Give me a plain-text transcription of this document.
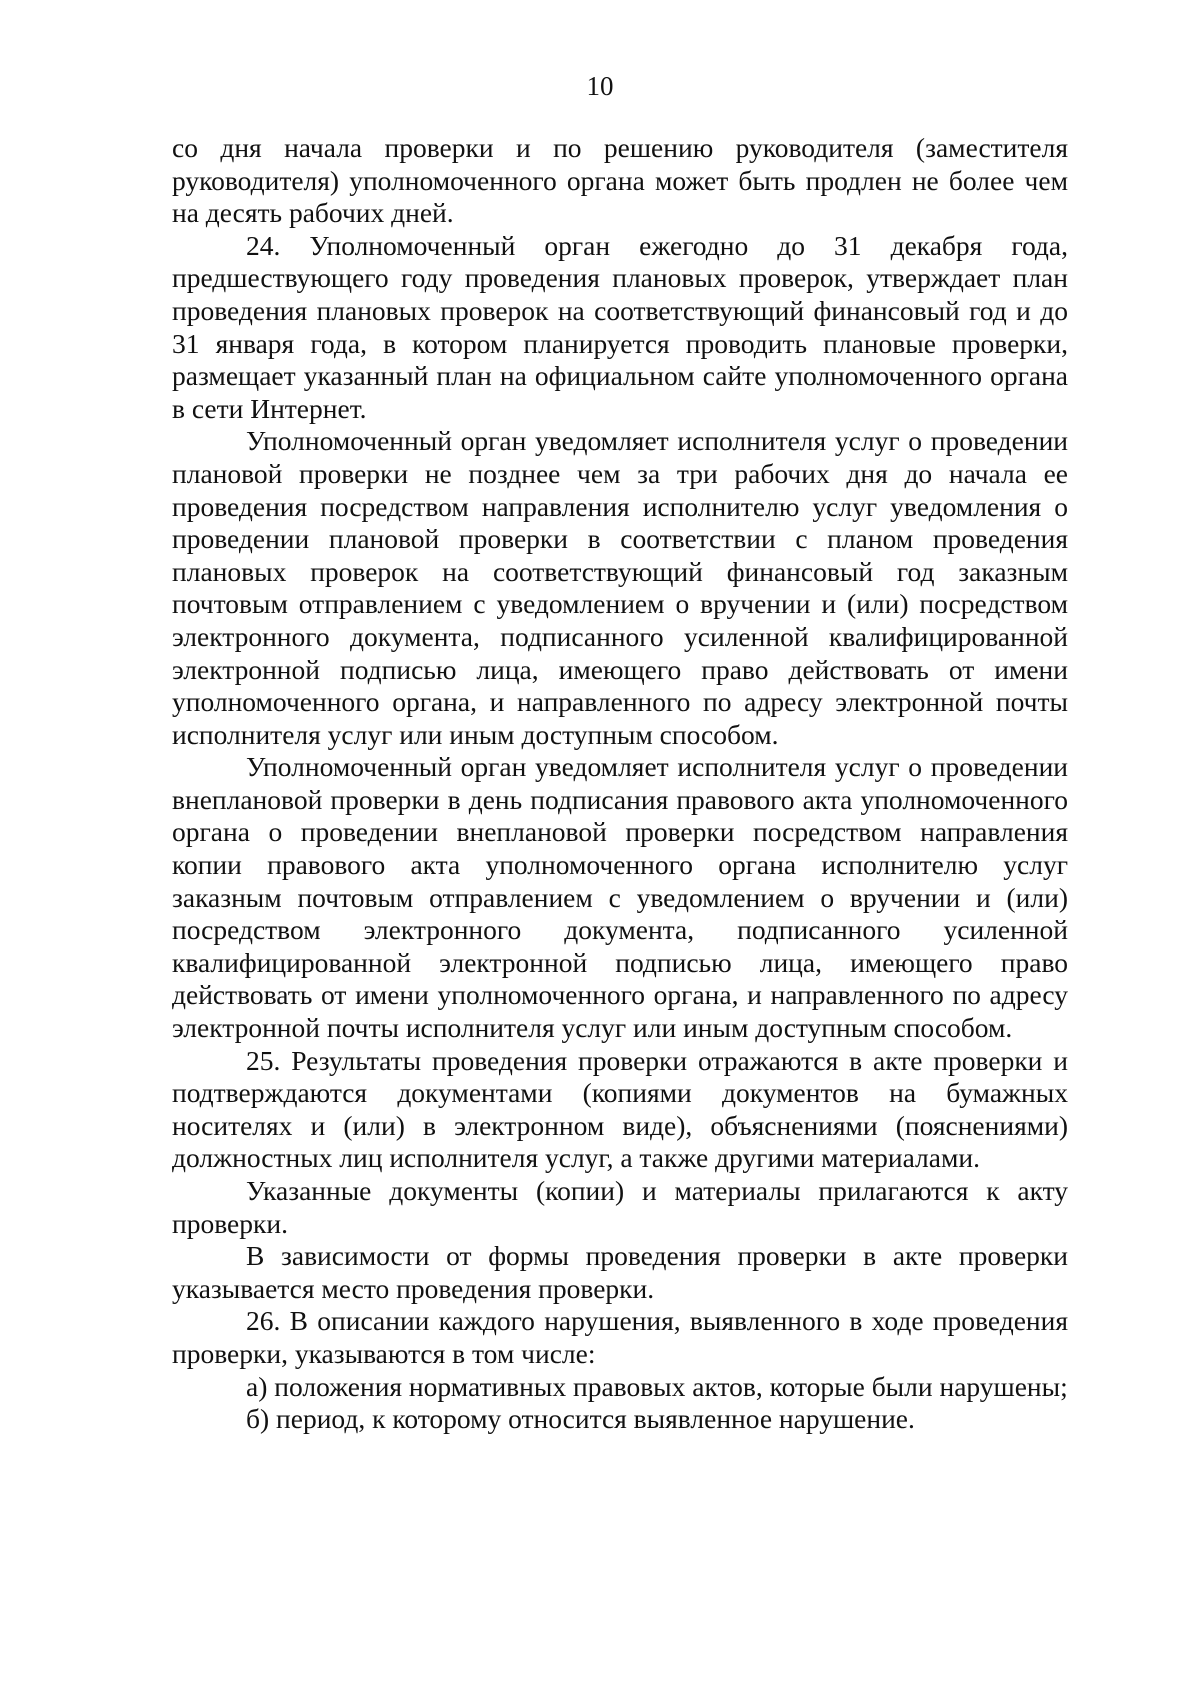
10

со дня начала проверки и по решению руководителя (заместителя руководителя) уполномоченного органа может быть продлен не более чем на десять рабочих дней.

24. Уполномоченный орган ежегодно до 31 декабря года, предшествующего году проведения плановых проверок, утверждает план проведения плановых проверок на соответствующий финансовый год и до 31 января года, в котором планируется проводить плановые проверки, размещает указанный план на официальном сайте уполномоченного органа в сети Интернет.

Уполномоченный орган уведомляет исполнителя услуг о проведении плановой проверки не позднее чем за три рабочих дня до начала ее проведения посредством направления исполнителю услуг уведомления о проведении плановой проверки в соответствии с планом проведения плановых проверок на соответствующий финансовый год заказным почтовым отправлением с уведомлением о вручении и (или) посредством электронного документа, подписанного усиленной квалифицированной электронной подписью лица, имеющего право действовать от имени уполномоченного органа, и направленного по адресу электронной почты исполнителя услуг или иным доступным способом.

Уполномоченный орган уведомляет исполнителя услуг о проведении внеплановой проверки в день подписания правового акта уполномоченного органа о проведении внеплановой проверки посредством направления копии правового акта уполномоченного органа исполнителю услуг заказным почтовым отправлением с уведомлением о вручении и (или) посредством электронного документа, подписанного усиленной квалифицированной электронной подписью лица, имеющего право действовать от имени уполномоченного органа, и направленного по адресу электронной почты исполнителя услуг или иным доступным способом.

25. Результаты проведения проверки отражаются в акте проверки и подтверждаются документами (копиями документов на бумажных носителях и (или) в электронном виде), объяснениями (пояснениями) должностных лиц исполнителя услуг, а также другими материалами.

Указанные документы (копии) и материалы прилагаются к акту проверки.

В зависимости от формы проведения проверки в акте проверки указывается место проведения проверки.

26. В описании каждого нарушения, выявленного в ходе проведения проверки, указываются в том числе:

а) положения нормативных правовых актов, которые были нарушены;

б) период, к которому относится выявленное нарушение.
